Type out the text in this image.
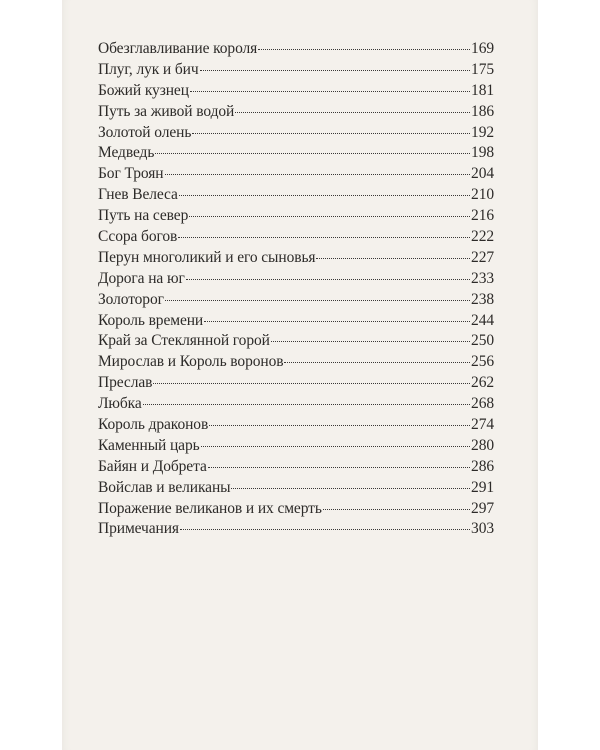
Обезглавливание короля	169
Плуг, лук и бич	175
Божий кузнец	181
Путь за живой водой	186
Золотой олень	192
Медведь	198
Бог Троян	204
Гнев Велеса	210
Путь на север	216
Ссора богов	222
Перун многоликий и его сыновья	227
Дорога на юг	233
Золоторог	238
Король времени	244
Край за Стеклянной горой	250
Мирослав и Король воронов	256
Преслав	262
Любка	268
Король драконов	274
Каменный царь	280
Байян и Добрета	286
Войслав и великаны	291
Поражение великанов и их смерть	297
Примечания	303
